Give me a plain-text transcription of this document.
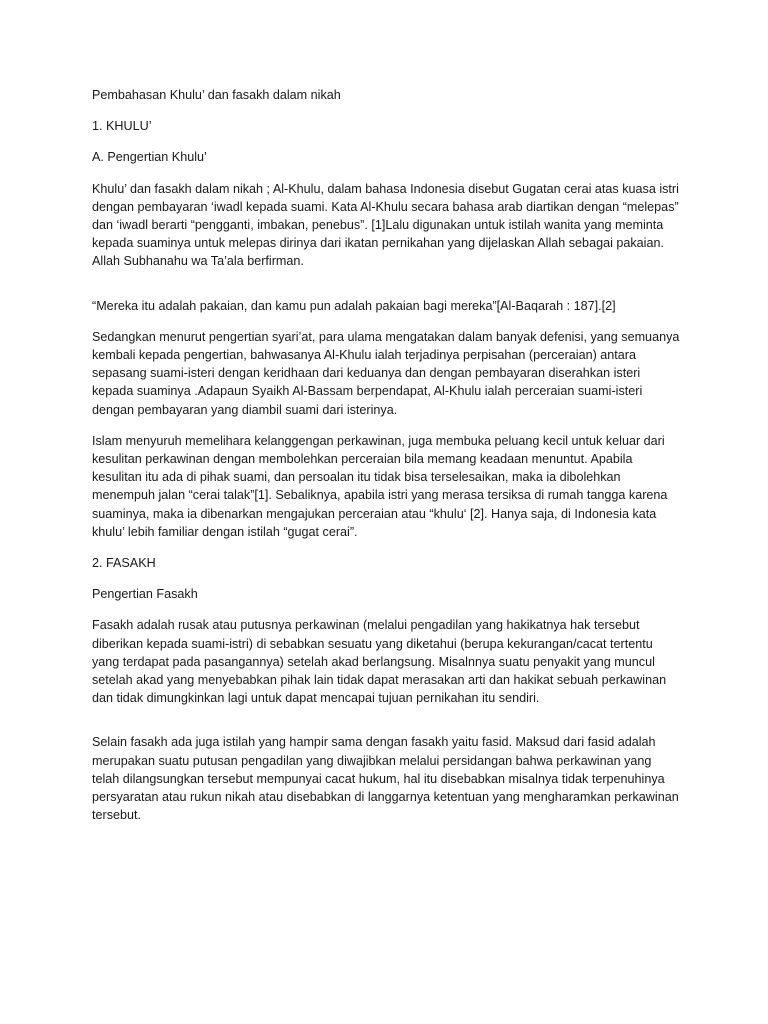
Pembahasan Khulu’ dan fasakh dalam nikah

1. KHULU’

A. Pengertian Khulu’

Khulu’ dan fasakh dalam nikah ; Al-Khulu, dalam bahasa Indonesia disebut Gugatan cerai atas kuasa istri dengan pembayaran ‘iwadl kepada suami. Kata Al-Khulu secara bahasa arab diartikan dengan “melepas” dan ‘iwadl berarti “pengganti, imbakan, penebus”. [1]Lalu digunakan untuk istilah wanita yang meminta kepada suaminya untuk melepas dirinya dari ikatan pernikahan yang dijelaskan Allah sebagai pakaian. Allah Subhanahu wa Ta’ala berfirman.

“Mereka itu adalah pakaian, dan kamu pun adalah pakaian bagi mereka”[Al-Baqarah : 187].[2]

Sedangkan menurut pengertian syari’at, para ulama mengatakan dalam banyak defenisi, yang semuanya kembali kepada pengertian, bahwasanya Al-Khulu ialah terjadinya perpisahan (perceraian) antara sepasang suami-isteri dengan keridhaan dari keduanya dan dengan pembayaran diserahkan isteri kepada suaminya .Adapaun Syaikh Al-Bassam berpendapat, Al-Khulu ialah perceraian suami-isteri dengan pembayaran yang diambil suami dari isterinya.

Islam menyuruh memelihara kelanggengan perkawinan, juga membuka peluang kecil untuk keluar dari kesulitan perkawinan dengan membolehkan perceraian bila memang keadaan menuntut. Apabila kesulitan itu ada di pihak suami, dan persoalan itu tidak bisa terselesaikan, maka ia dibolehkan menempuh jalan “cerai talak”[1]. Sebaliknya, apabila istri yang merasa tersiksa di rumah tangga karena suaminya, maka ia dibenarkan mengajukan perceraian atau “khulu‘ [2]. Hanya saja, di Indonesia kata khulu’ lebih familiar dengan istilah “gugat cerai”.

2. FASAKH

Pengertian Fasakh

Fasakh adalah rusak atau putusnya perkawinan (melalui pengadilan yang hakikatnya hak tersebut diberikan kepada suami-istri) di sebabkan sesuatu yang diketahui (berupa kekurangan/cacat tertentu yang terdapat pada pasangannya) setelah akad berlangsung. Misalnnya suatu penyakit yang muncul setelah akad yang menyebabkan pihak lain tidak dapat merasakan arti dan hakikat sebuah perkawinan dan tidak dimungkinkan lagi untuk dapat mencapai tujuan pernikahan itu sendiri.

Selain fasakh ada juga istilah yang hampir sama dengan fasakh yaitu fasid. Maksud dari fasid adalah merupakan suatu putusan pengadilan yang diwajibkan melalui persidangan bahwa perkawinan yang telah dilangsungkan tersebut mempunyai cacat hukum, hal itu disebabkan misalnya tidak terpenuhinya persyaratan atau rukun nikah atau disebabkan di langgarnya ketentuan yang mengharamkan perkawinan tersebut.
